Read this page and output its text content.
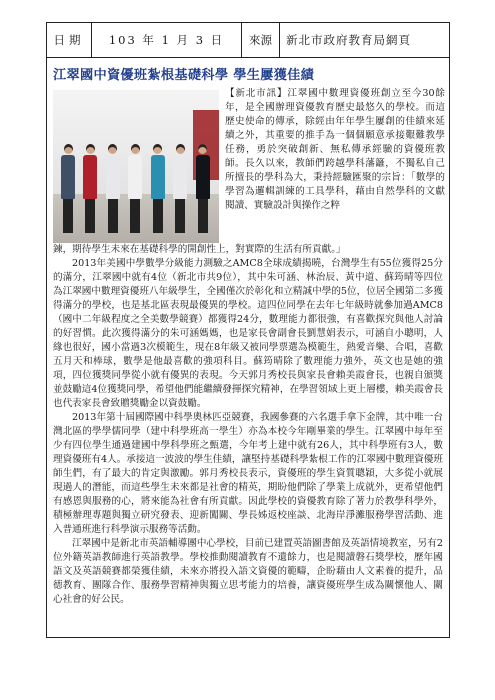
日期	103 年 1 月 3 日	來源	新北市政府教育局網頁
江翠國中資優班紮根基礎科學 學生屢獲佳績
【新北市訊】江翠國中數理資優班創立至今30餘年，是全國辦理資優教育歷史最悠久的學校。而這歷史使命的傳承，除經由年年學生屢創的佳績來延續之外，其重要的推手為一個個願意承接艱難教學任務，勇於突破創新、無私傳承經驗的資優班教師。長久以來，教師們跨越學科藩籬，不獨私自己所擅長的學科為大，秉持經驗匯聚的宗旨：「數學的學習為邏輯訓練的工具學科，藉由自然學科的文獻閱讀、實驗設計與操作之粹

鍊，期待學生未來在基礎科學的開創性上，對實際的生活有所貢獻。」

2013年美國中學數學分級能力測驗之AMC8全球成績揭曉，台灣學生有55位獲得25分的滿分，江翠國中就有4位（新北市共9位），其中朱可涵、林治辰、黃中道、蘇筠晴等四位為江翠國中數理資優班八年級學生，全國僅次於彰化和立精誠中學的5位，位居全國第二多獲得滿分的學校，也是基北區表現最優異的學校。這四位同學在去年七年級時就參加過AMC8（國中二年級程度之全美數學競賽）都獲得24分，數理能力都很強，有喜歡探究與他人討論的好習慣。此次獲得滿分的朱可涵媽媽，也是家長會副會長劉慧娟表示，可涵自小聰明，人緣也很好，國小當過3次模範生，現在8年級又被同學票選為模範生，熱愛音樂、合唱，喜歡五月天和棒球，數學是他最喜歡的強項科目。蘇筠晴除了數理能力強外，英文也是她的強項，四位獲獎同學從小就有優異的表現。今天郭月秀校長與家長會賴美霞會長，也親自頒獎並鼓勵這4位獲獎同學，希望他們能繼續發揮探究精神，在學習領域上更上層樓，賴美霞會長也代表家長會致贈獎勵金以資鼓勵。

2013年第十屆國際國中科學奧林匹亞競賽，我國參賽的六名選手拿下金牌，其中唯一台灣北區的學學儒同學（建中科學班高一學生）亦為本校今年剛畢業的學生。江翠國中每年至少有四位學生通過建國中學科學班之甄選，今年考上建中就有26人，其中科學班有3人，數理資優班有4人。承接這一波波的學生佳績，讓堅持基礎科學紮根工作的江翠國中數理資優班師生們，有了最大的肯定與激勵。郭月秀校長表示，資優班的學生資質聰穎，大多從小就展現過人的潛能，而這些學生未來都是社會的精英，期盼他們除了學業上成就外，更希望他們有感恩與服務的心，將來能為社會有所貢獻。因此學校的資優教育除了著力於教學科學外，積極辦理專題與獨立研究發表、迎新闖關、學長姊返校座談、北海岸淨灘服務學習活動、進入普通班進行科學演示服務等活動。

江翠國中是新北市英語輔導團中心學校，目前已建置英語圖書館及英語情境教室，另有2位外籍英語教師進行英語教學。學校推動閱讀教育不遺餘力，也是閱讀磐石獎學校，歷年國語文及英語競賽都榮獲佳績，未來亦將投入語文資優的範疇，企盼藉由人文素養的提升，品德教育、團隊合作、服務學習精神與獨立思考能力的培養，讓資優班學生成為關懷他人、關心社會的好公民。
